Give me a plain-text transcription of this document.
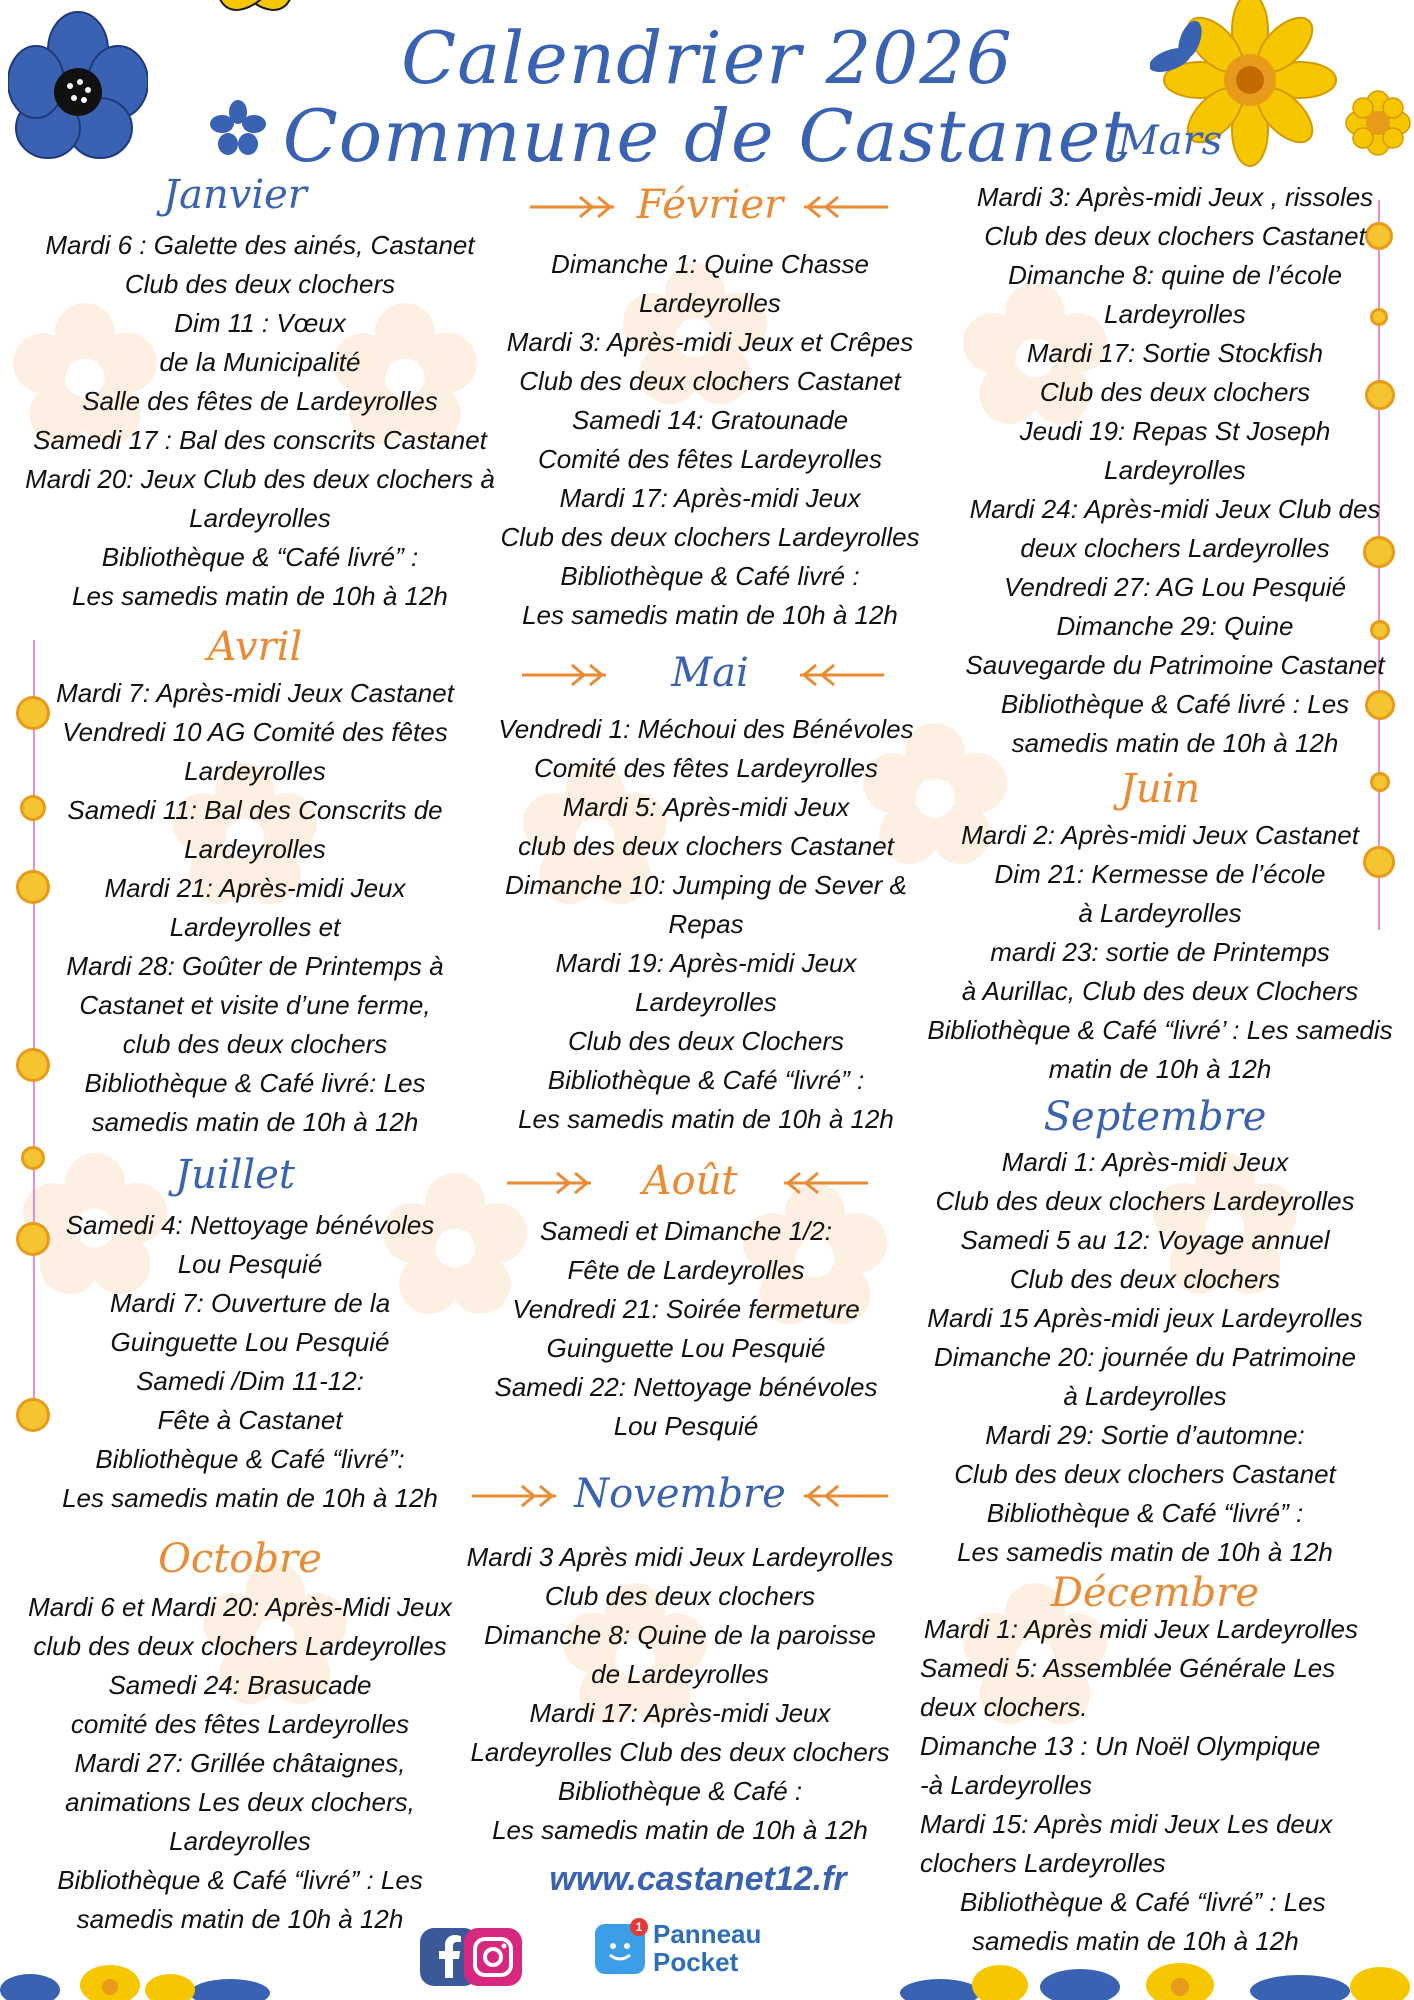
Calendrier 2026
Commune de Castanet
Janvier
Mardi 6 : Galette des ainés, Castanet
Club des deux clochers
Dim 11 : Vœux
de la Municipalité
Salle des fêtes de Lardeyrolles
Samedi 17 : Bal des conscrits Castanet
Mardi 20: Jeux Club des deux clochers à
Lardeyrolles
Bibliothèque & “Café livré” :
Les samedis matin de 10h à 12h
Avril
Mardi 7: Après-midi Jeux Castanet
Vendredi 10 AG Comité des fêtes
Lardeyrolles
Samedi 11: Bal des Conscrits de
Lardeyrolles
Mardi 21: Après-midi Jeux
Lardeyrolles et
Mardi 28: Goûter de Printemps à
Castanet et visite d’une ferme,
club des deux clochers
Bibliothèque & Café livré: Les
samedis matin de 10h à 12h
Juillet
Samedi 4: Nettoyage bénévoles
Lou Pesquié
Mardi 7: Ouverture de la
Guinguette Lou Pesquié
Samedi /Dim 11-12:
Fête à Castanet
Bibliothèque & Café “livré”:
Les samedis matin de 10h à 12h
Octobre
Mardi 6 et Mardi 20: Après-Midi Jeux
club des deux clochers Lardeyrolles
Samedi 24: Brasucade
comité des fêtes Lardeyrolles
Mardi 27: Grillée châtaignes,
animations Les deux clochers,
Lardeyrolles
Bibliothèque & Café “livré” : Les
samedis matin de 10h à 12h
Février
Dimanche 1: Quine Chasse
Lardeyrolles
Mardi 3: Après-midi Jeux et Crêpes
Club des deux clochers Castanet
Samedi 14: Gratounade
Comité des fêtes Lardeyrolles
Mardi 17: Après-midi Jeux
Club des deux clochers Lardeyrolles
Bibliothèque & Café livré :
Les samedis matin de 10h à 12h
Mai
Vendredi 1: Méchoui des Bénévoles
Comité des fêtes Lardeyrolles
Mardi 5: Après-midi Jeux
club des deux clochers Castanet
Dimanche 10: Jumping de Sever &
Repas
Mardi 19: Après-midi Jeux
Lardeyrolles
Club des deux Clochers
Bibliothèque & Café “livré” :
Les samedis matin de 10h à 12h
Août
Samedi et Dimanche 1/2:
Fête de Lardeyrolles
Vendredi 21: Soirée fermeture
Guinguette Lou Pesquié
Samedi 22: Nettoyage bénévoles
Lou Pesquié
Novembre
Mardi 3 Après midi Jeux Lardeyrolles
Club des deux clochers
Dimanche 8: Quine de la paroisse
de Lardeyrolles
Mardi 17: Après-midi Jeux
Lardeyrolles Club des deux clochers
Bibliothèque & Café :
Les samedis matin de 10h à 12h
Mars
Mardi 3: Après-midi Jeux , rissoles
Club des deux clochers Castanet
Dimanche 8: quine de l’école
Lardeyrolles
Mardi 17: Sortie Stockfish
Club des deux clochers
Jeudi 19: Repas St Joseph
Lardeyrolles
Mardi 24: Après-midi Jeux Club des
deux clochers Lardeyrolles
Vendredi 27: AG Lou Pesquié
Dimanche 29: Quine
Sauvegarde du Patrimoine Castanet
Bibliothèque & Café livré : Les
samedis matin de 10h à 12h
Juin
Mardi 2: Après-midi Jeux Castanet
Dim 21: Kermesse de l’école
à Lardeyrolles
mardi 23: sortie de Printemps
à Aurillac, Club des deux Clochers
Bibliothèque & Café “livré’ : Les samedis
matin de 10h à 12h
Septembre
Mardi 1: Après-midi Jeux
Club des deux clochers Lardeyrolles
Samedi 5 au 12: Voyage annuel
Club des deux clochers
Mardi 15 Après-midi jeux Lardeyrolles
Dimanche 20: journée du Patrimoine
à Lardeyrolles
Mardi 29: Sortie d’automne:
Club des deux clochers Castanet
Bibliothèque & Café “livré” :
Les samedis matin de 10h à 12h
Décembre
Mardi 1: Après midi Jeux Lardeyrolles
Samedi 5: Assemblée Générale Les
deux clochers.
Dimanche 13 : Un Noël Olympique
-à Lardeyrolles
Mardi 15: Après midi Jeux Les deux
clochers Lardeyrolles
Bibliothèque & Café “livré” : Les
samedis matin de 10h à 12h
www.castanet12.fr
1 Panneau
Pocket
